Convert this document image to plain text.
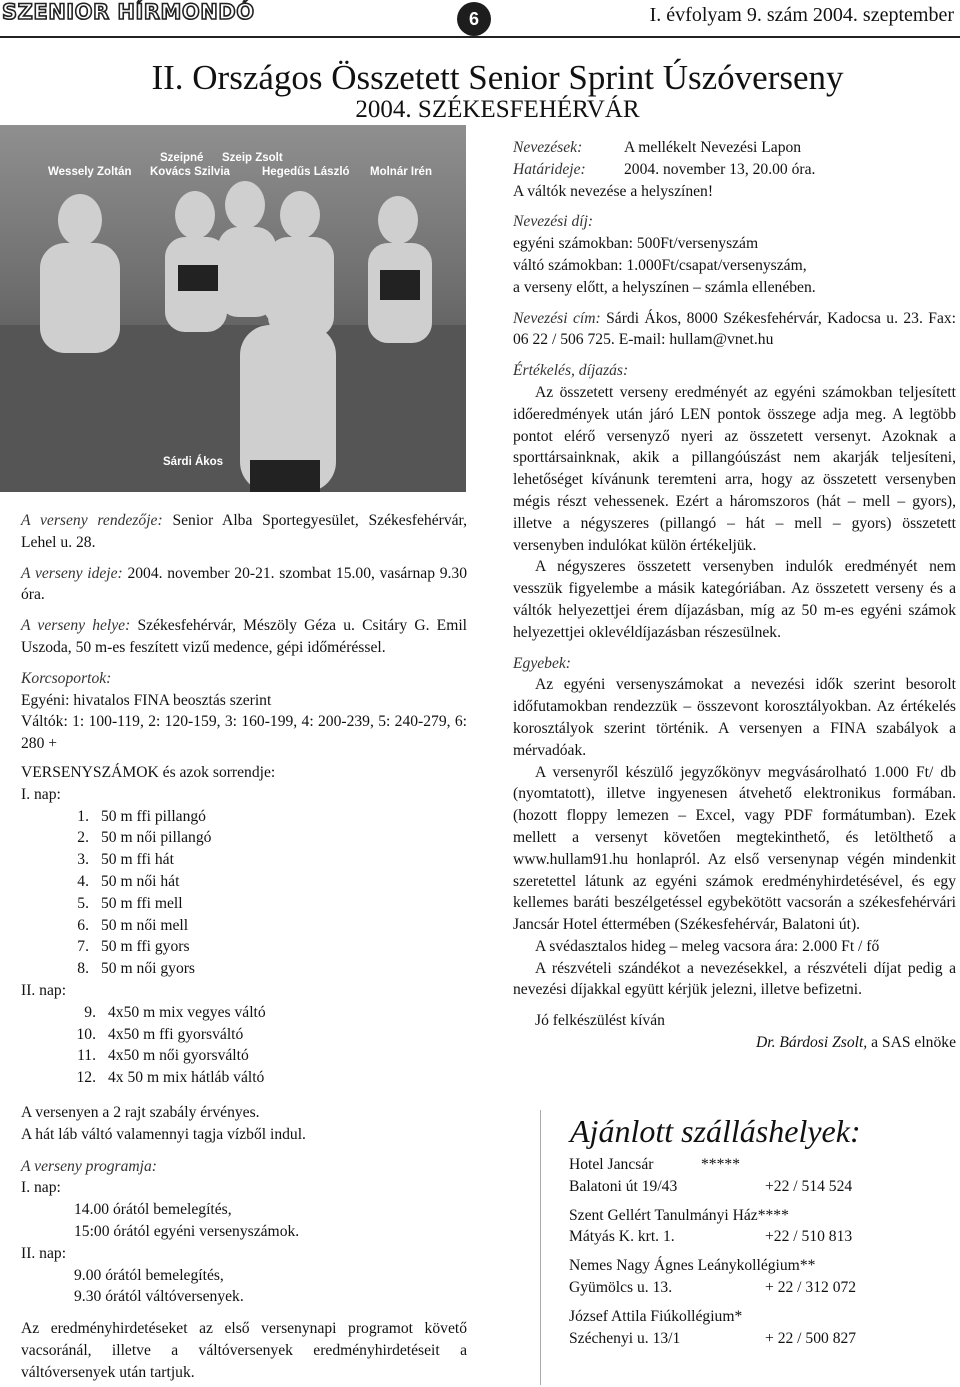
SZENIOR HÍRMONDÓ	6	I. évfolyam 9. szám 2004. szeptember
II. Országos Összetett Senior Sprint Úszóverseny
2004. SZÉKESFEHÉRVÁR
Wessely Zoltán
Szeipné
Kovács Szilvia
Szeip Zsolt
Hegedűs László Molnár Irén
Sárdi Ákos

A verseny rendezője: Senior Alba Sportegyesület, Székesfehérvár, Lehel u. 28.

A verseny ideje: 2004. november 20-21. szombat 15.00, vasárnap 9.30 óra.

A verseny helye: Székesfehérvár, Mészöly Géza u. Csitáry G. Emil Uszoda, 50 m-es feszített vizű medence, gépi időméréssel.

Korcsoportok:

Egyéni: hivatalos FINA beosztás szerint

Váltók: 1: 100-119, 2: 120-159, 3: 160-199, 4: 200-239, 5: 240-279, 6: 280 +

VERSENYSZÁMOK és azok sorrendje:

I. nap:

1. 50 m ffi pillangó
2. 50 m női pillangó
3. 50 m ffi hát
4. 50 m női hát
5. 50 m ffi mell
6. 50 m női mell
7. 50 m ffi gyors
8. 50 m női gyors

II. nap:

9. 4x50 m mix vegyes váltó
10. 4x50 m ffi gyorsváltó
11. 4x50 m női gyorsváltó
12. 4x 50 m mix hátláb váltó

A versenyen a 2 rajt szabály érvényes.

A hát láb váltó valamennyi tagja vízből indul.

A verseny programja:

I. nap:

14.00 órától bemelegítés,

15:00 órától egyéni versenyszámok.

II. nap:

9.00 órától bemelegítés,

9.30 órától váltóversenyek.

Az eredményhirdetéseket az első versenynapi programot követő vacsoránál, illetve a váltóversenyek eredményhirdetéseit a váltóversenyek után tartjuk.

Nevezések:	A mellékelt Nevezési Lapon
Határideje:	2004. november 13, 20.00 óra.

A váltók nevezése a helyszínen!

Nevezési díj:

egyéni számokban: 500Ft/versenyszám

váltó számokban: 1.000Ft/csapat/versenyszám,

a verseny előtt, a helyszínen – számla ellenében.

Nevezési cím: Sárdi Ákos, 8000 Székesfehérvár, Kadocsa u. 23. Fax: 06 22 / 506 725. E-mail: hullam@vnet.hu

Értékelés, díjazás:

Az összetett verseny eredményét az egyéni számokban teljesített időeredmények után járó LEN pontok összege adja meg. A legtöbb pontot elérő versenyző nyeri az összetett versenyt. Azoknak a sporttársainknak, akik a pillangóúszást nem akarják teljesíteni, lehetőséget kívánunk teremteni arra, hogy az összetett versenyben mégis részt vehessenek. Ezért a háromszoros (hát – mell – gyors), illetve a négyszeres (pillangó – hát – mell – gyors) összetett versenyben indulókat külön értékeljük.

A négyszeres összetett versenyben indulók eredményét nem vesszük figyelembe a másik kategóriában. Az összetett verseny és a váltók helyezettjei érem díjazásban, míg az 50 m-es egyéni számok helyezettjei oklevéldíjazásban részesülnek.

Egyebek:

Az egyéni versenyszámokat a nevezési idők szerint besorolt időfutamokban rendezzük – összevont korosztályokban. Az értékelés korosztályok szerint történik. A versenyen a FINA szabályok a mérvadóak.

A versenyről készülő jegyzőkönyv megvásárolható 1.000 Ft/ db (nyomtatott), illetve ingyenesen átvehető elektronikus formában. (hozott floppy lemezen – Excel, vagy PDF formátumban). Ezek mellett a versenyt követően megtekinthető, és letölthető a www.hullam91.hu honlapról. Az első versenynap végén mindenkit szeretettel látunk az egyéni számok eredményhirdetésével, és egy kellemes baráti beszélgetéssel egybekötött vacsorán a székesfehérvári Jancsár Hotel éttermében (Székesfehérvár, Balatoni út).

A svédasztalos hideg – meleg vacsora ára: 2.000 Ft / fő

A részvételi szándékot a nevezésekkel, a részvételi díjat pedig a nevezési díjakkal együtt kérjük jelezni, illetve befizetni.

Jó felkészülést kíván

Dr. Bárdosi Zsolt, a SAS elnöke

Ajánlott szálláshelyek:
Hotel Jancsár	*****
Balatoni út 19/43	+22 / 514 524
Szent Gellért Tanulmányi Ház****
Mátyás K. krt. 1.	+22 / 510 813
Nemes Nagy Ágnes Leánykollégium**
Gyümölcs u. 13.	+ 22 / 312 072
József Attila Fiúkollégium*
Széchenyi u. 13/1	+ 22 / 500 827
